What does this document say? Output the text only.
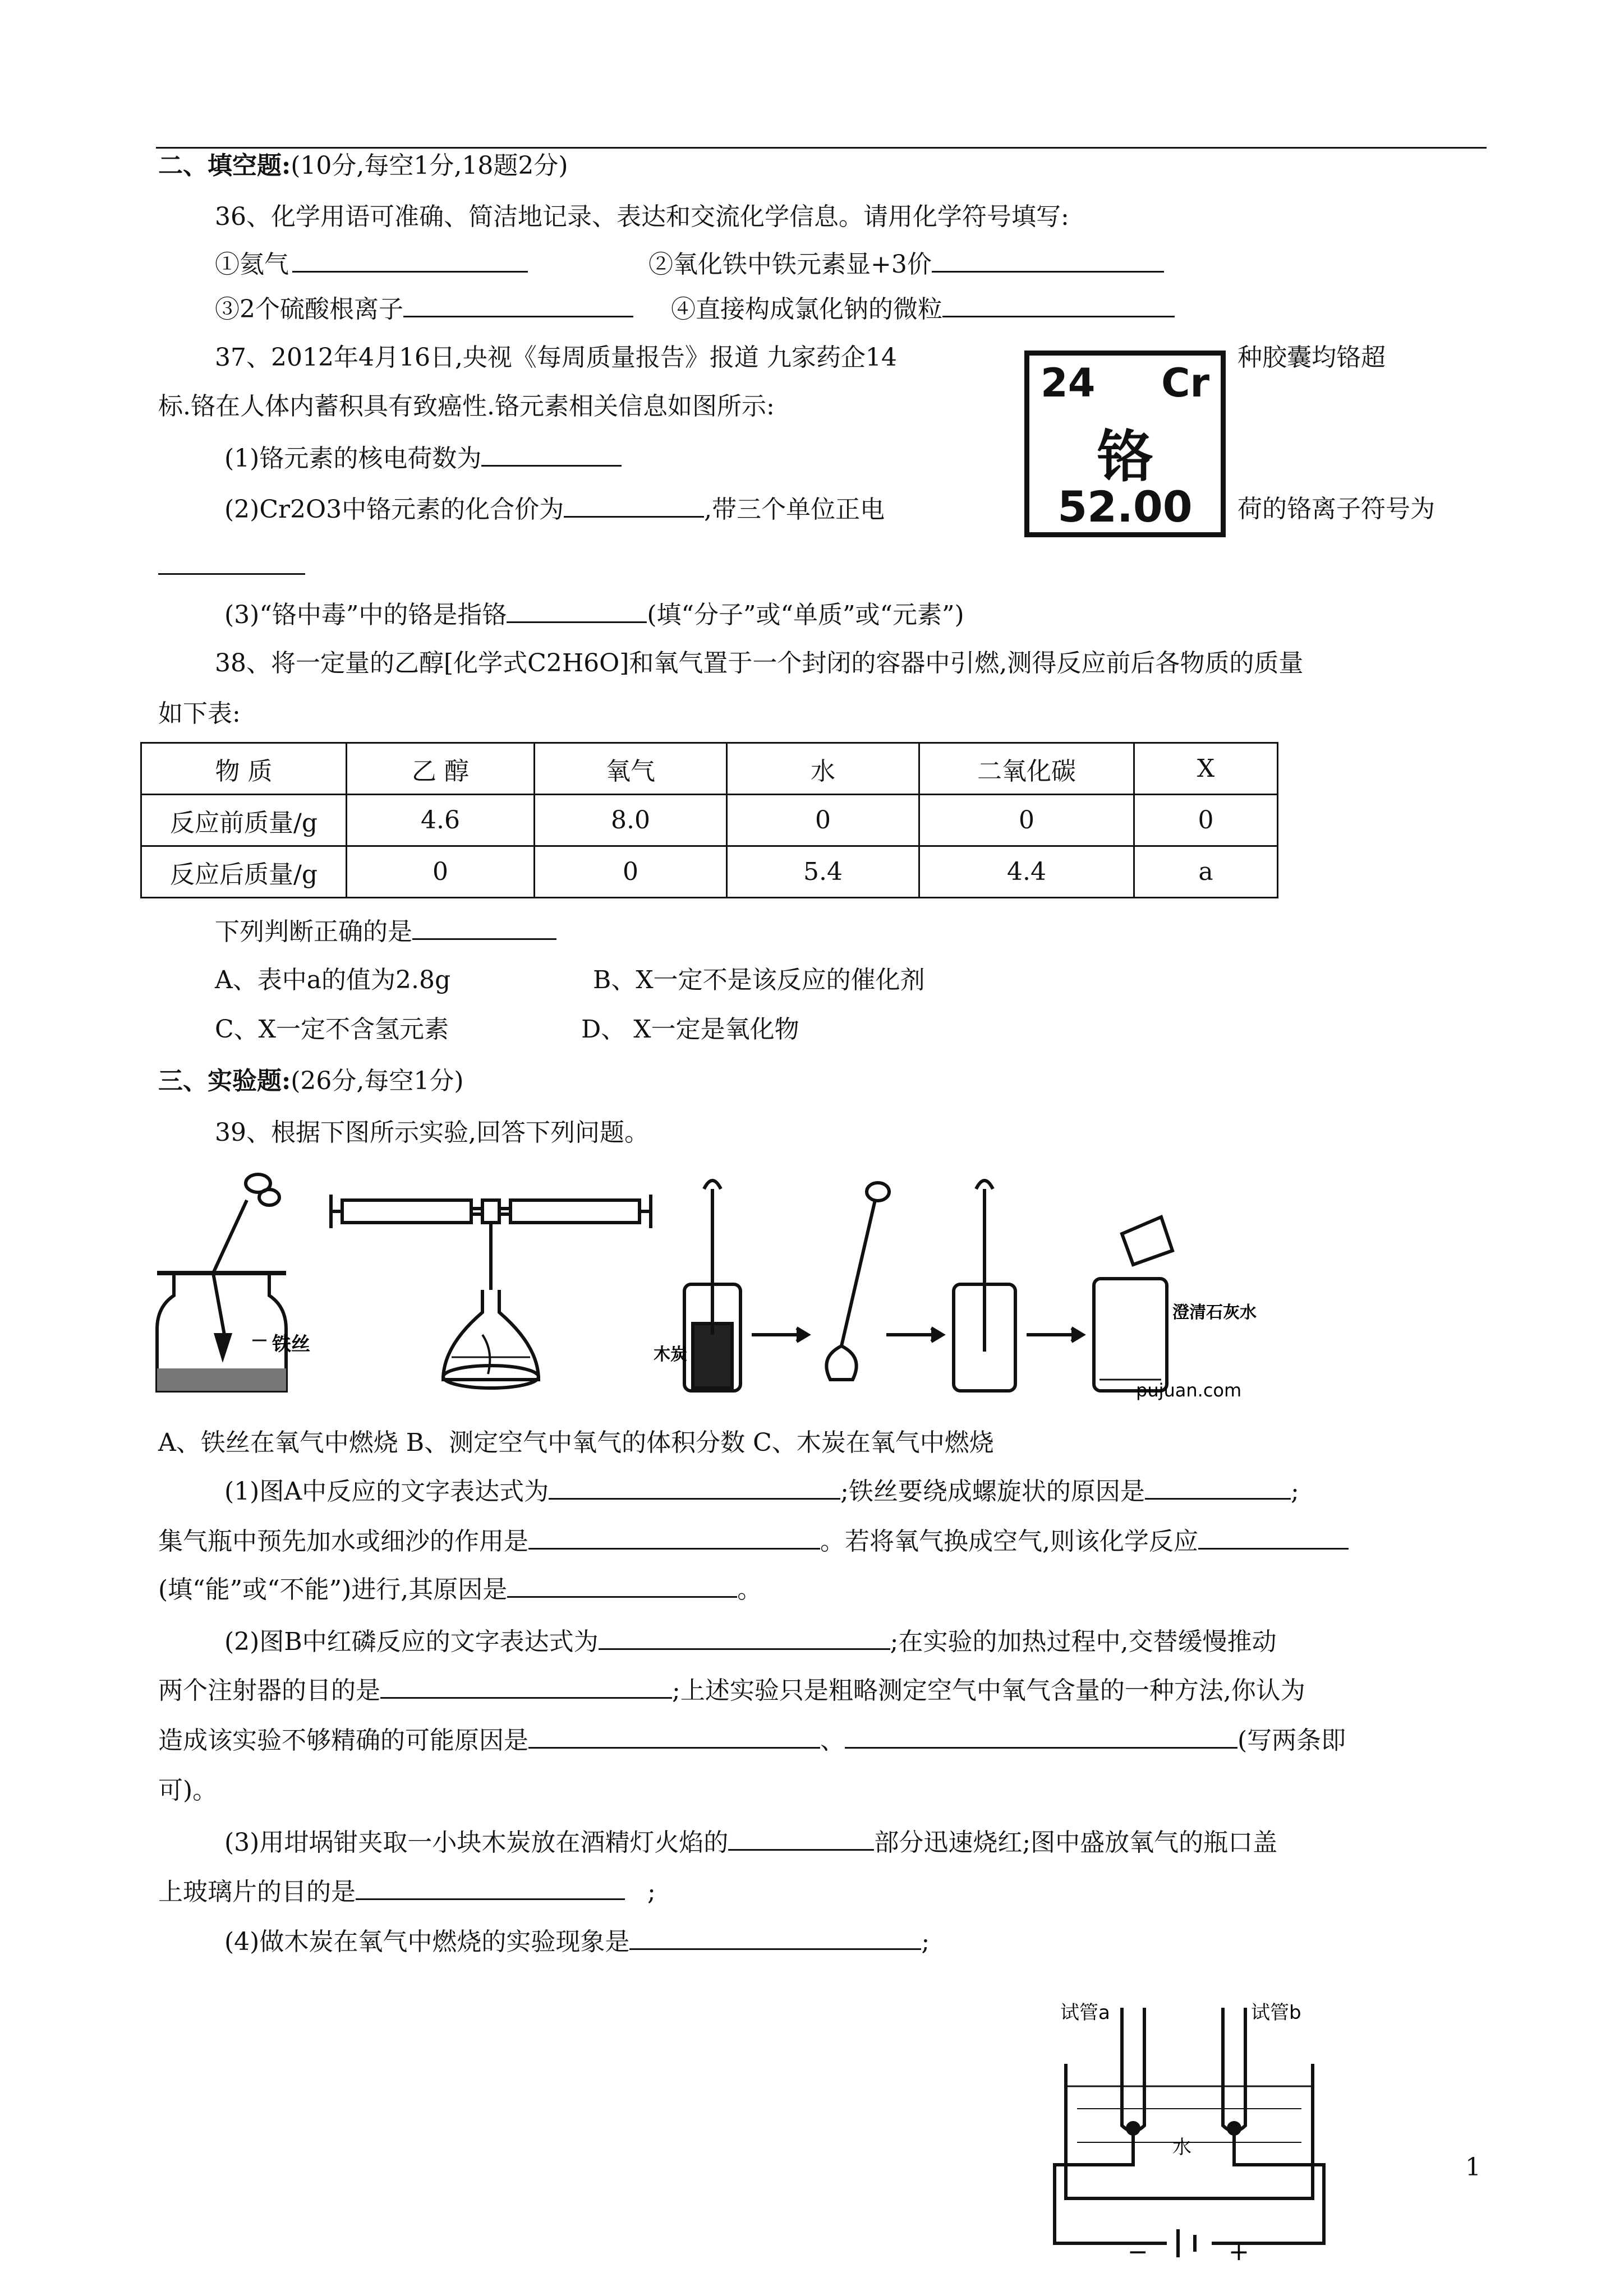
二、填空题:(10分,每空1分,18题2分)
36、化学用语可准确、简洁地记录、表达和交流化学信息。请用化学符号填写:
①氦气	②氧化铁中铁元素显+3价
③2个硫酸根离子	④直接构成氯化钠的微粒
37、2012年4月16日,央视《每周质量报告》报道 九家药企14	种胶囊均铬超
标.铬在人体内蓄积具有致癌性.铬元素相关信息如图所示:
24 Cr
铬
52.00
(1)铬元素的核电荷数为
(2)Cr2O3中铬元素的化合价为	,带三个单位正电	荷的铬离子符号为
(3)“铬中毒”中的铬是指铬	(填“分子”或“单质”或“元素”)
38、将一定量的乙醇[化学式C2H6O]和氧气置于一个封闭的容器中引燃,测得反应前后各物质的质量
如下表:
物 质	乙 醇	氧气	水	二氧化碳	X
反应前质量/g	4.6	8.0	0	0	0
反应后质量/g	0	0	5.4	4.4	a
下列判断正确的是
A、表中a的值为2.8g	B、X一定不是该反应的催化剂
C、X一定不含氢元素	D、 X一定是氧化物
三、实验题:(26分,每空1分)
39、根据下图所示实验,回答下列问题。
铁丝	木炭
澄清石灰水
pujuan.com
A、铁丝在氧气中燃烧 B、测定空气中氧气的体积分数 C、木炭在氧气中燃烧
(1)图A中反应的文字表达式为	;铁丝要绕成螺旋状的原因是	;
集气瓶中预先加水或细沙的作用是	。若将氧气换成空气,则该化学反应
(填“能”或“不能”)进行,其原因是	。
(2)图B中红磷反应的文字表达式为	;在实验的加热过程中,交替缓慢推动
两个注射器的目的是	;上述实验只是粗略测定空气中氧气含量的一种方法,你认为
造成该实验不够精确的可能原因是	、	(写两条即
可)。
(3)用坩埚钳夹取一小块木炭放在酒精灯火焰的	部分迅速烧红;图中盛放氧气的瓶口盖
上玻璃片的目的是	;
(4)做木炭在氧气中燃烧的实验现象是	;
试管a	试管b
水
−	+
1
